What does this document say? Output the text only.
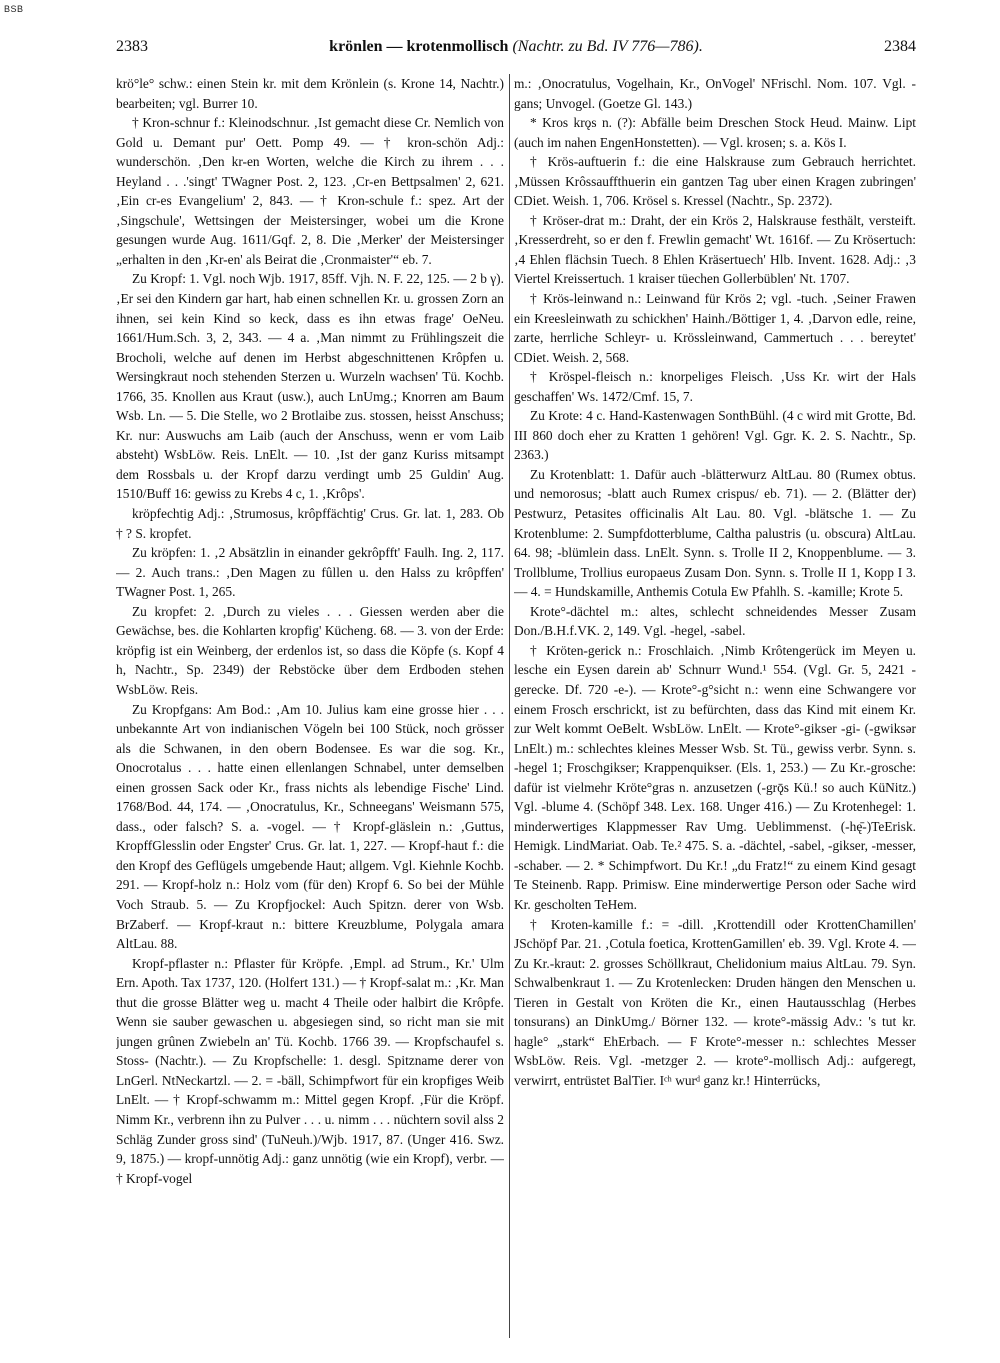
BSB
2383	krönlen — krotenmollisch (Nachtr. zu Bd. IV 776—786).	2384

krö°le° schw.: einen Stein kr. mit dem Krönlein (s. Krone 14, Nachtr.) bearbeiten; vgl. Burrer 10.

† Kron-schnur f.: Kleinodschnur. ‚Ist gemacht diese Cr. Nemlich von Gold u. Demant pur' Oett. Pomp 49. — † kron-schön Adj.: wunderschön. ‚Den kr-en Worten, welche die Kirch zu ihrem . . . Heyland . . .'singt' TWagner Post. 2, 123. ‚Cr-en Bettpsalmen' 2, 621. ‚Ein cr-es Evangelium' 2, 843. — † Kron-schule f.: spez. Art der ‚Singschule', Wettsingen der Meistersinger, wobei um die Krone gesungen wurde Aug. 1611/Gqf. 2, 8. Die ‚Merker' der Meistersinger „erhalten in den ‚Kr-en' als Beirat die ‚Cronmaister'“ eb. 7.

Zu Kropf: 1. Vgl. noch Wjb. 1917, 85ff. Vjh. N. F. 22, 125. — 2 b γ). ‚Er sei den Kindern gar hart, hab einen schnellen Kr. u. grossen Zorn an ihnen, sei kein Kind so keck, dass es ihn etwas frage' OeNeu. 1661/Hum.Sch. 3, 2, 343. — 4 a. ‚Man nimmt zu Frühlingszeit die Brocholi, welche auf denen im Herbst abgeschnittenen Krôpfen u. Wersingkraut noch stehenden Sterzen u. Wurzeln wachsen' Tü. Kochb. 1766, 35. Knollen aus Kraut (usw.), auch LnUmg.; Knorren am Baum Wsb. Ln. — 5. Die Stelle, wo 2 Brotlaibe zus. stossen, heisst Anschuss; Kr. nur: Auswuchs am Laib (auch der Anschuss, wenn er vom Laib absteht) WsbLöw. Reis. LnElt. — 10. ‚Ist der ganz Kuriss mitsampt dem Rossbals u. der Kropf darzu verdingt umb 25 Guldin' Aug. 1510/Buff 16: gewiss zu Krebs 4 c, 1. ‚Krôps'.

kröpfechtig Adj.: ‚Strumosus, krôpffächtig' Crus. Gr. lat. 1, 283. Ob † ? S. kropfet.

Zu kröpfen: 1. ‚2 Absätzlin in einander gekrôpfft' Faulh. Ing. 2, 117. — 2. Auch trans.: ‚Den Magen zu fûllen u. den Halss zu krôpffen' TWagner Post. 1, 265.

Zu kropfet: 2. ‚Durch zu vieles . . . Giessen werden aber die Gewächse, bes. die Kohlarten kropfig' Kücheng. 68. — 3. von der Erde: kröpfig ist ein Weinberg, der erdenlos ist, so dass die Köpfe (s. Kopf 4 h, Nachtr., Sp. 2349) der Rebstöcke über dem Erdboden stehen WsbLöw. Reis.

Zu Kropfgans: Am Bod.: ‚Am 10. Julius kam eine grosse hier . . . unbekannte Art von indianischen Vögeln bei 100 Stück, noch grösser als die Schwanen, in den obern Bodensee. Es war die sog. Kr., Onocrotalus . . . hatte einen ellenlangen Schnabel, unter demselben einen grossen Sack oder Kr., frass nichts als lebendige Fische' Lind. 1768/Bod. 44, 174. — ‚Onocratulus, Kr., Schneegans' Weismann 575, dass., oder falsch? S. a. -vogel. — † Kropf-gläslein n.: ‚Guttus, KropffGlesslin oder Engster' Crus. Gr. lat. 1, 227. — Kropf-haut f.: die den Kropf des Geflügels umgebende Haut; allgem. Vgl. Kiehnle Kochb. 291. — Kropf-holz n.: Holz vom (für den) Kropf 6. So bei der Mühle Voch Straub. 5. — Zu Kropfjockel: Auch Spitzn. derer von Wsb. BrZaberf. — Kropf-kraut n.: bittere Kreuzblume, Polygala amara AltLau. 88.

Kropf-pflaster n.: Pflaster für Kröpfe. ‚Empl. ad Strum., Kr.' Ulm Ern. Apoth. Tax 1737, 120. (Holfert 131.) — † Kropf-salat m.: ‚Kr. Man thut die grosse Blätter weg u. macht 4 Theile oder halbirt die Krôpfe. Wenn sie sauber gewaschen u. abgesiegen sind, so richt man sie mit jungen grûnen Zwiebeln an' Tü. Kochb. 1766 39. — Kropfschaufel s. Stoss- (Nachtr.). — Zu Kropfschelle: 1. desgl. Spitzname derer von LnGerl. NtNeckartzl. — 2. = -bäll, Schimpfwort für ein kropfiges Weib LnElt. — † Kropf-schwamm m.: Mittel gegen Kropf. ‚Für die Kröpf. Nimm Kr., verbrenn ihn zu Pulver . . . u. nimm . . . nüchtern sovil alss 2 Schläg Zunder gross sind' (TuNeuh.)/Wjb. 1917, 87. (Unger 416. Swz. 9, 1875.) — kropf-unnötig Adj.: ganz unnötig (wie ein Kropf), verbr. — † Kropf-vogel

m.: ‚Onocratulus, Vogelhain, Kr., OnVogel' NFrischl. Nom. 107. Vgl. -gans; Unvogel. (Goetze Gl. 143.)

* Kros krǫs n. (?): Abfälle beim Dreschen Stock Heud. Mainw. Lipt (auch im nahen EngenHonstetten). — Vgl. krosen; s. a. Kös I.

† Krös-auftuerin f.: die eine Halskrause zum Gebrauch herrichtet. ‚Müssen Krôssauffthuerin ein gantzen Tag uber einen Kragen zubringen' CDiet. Weish. 1, 706. Krösel s. Kressel (Nachtr., Sp. 2372).

† Kröser-drat m.: Draht, der ein Krös 2, Halskrause festhält, versteift. ‚Kresserdreht, so er den f. Frewlin gemacht' Wt. 1616f. — Zu Krösertuch: ‚4 Ehlen flächsin Tuech. 8 Ehlen Kräsertuech' Hlb. Invent. 1628. Adj.: ‚3 Viertel Kreissertuch. 1 kraiser tüechen Gollerbüblen' Nt. 1707.

† Krös-leinwand n.: Leinwand für Krös 2; vgl. -tuch. ‚Seiner Frawen ein Kreesleinwath zu schickhen' Hainh./Böttiger 1, 4. ‚Darvon edle, reine, zarte, herrliche Schleyr- u. Krössleinwand, Cammertuch . . . bereytet' CDiet. Weish. 2, 568.

† Kröspel-fleisch n.: knorpeliges Fleisch. ‚Uss Kr. wirt der Hals geschaffen' Ws. 1472/Cmf. 15, 7.

Zu Krote: 4 c. Hand-Kastenwagen SonthBühl. (4 c wird mit Grotte, Bd. III 860 doch eher zu Kratten 1 gehören! Vgl. Ggr. K. 2. S. Nachtr., Sp. 2363.)

Zu Krotenblatt: 1. Dafür auch -blätterwurz AltLau. 80 (Rumex obtus. und nemorosus; -blatt auch Rumex crispus/ eb. 71). — 2. (Blätter der) Pestwurz, Petasites officinalis Alt Lau. 80. Vgl. -blätsche 1. — Zu Krotenblume: 2. Sumpfdotterblume, Caltha palustris (u. obscura) AltLau. 64. 98; -blümlein dass. LnElt. Synn. s. Trolle II 2, Knoppenblume. — 3. Trollblume, Trollius europaeus Zusam Don. Synn. s. Trolle II 1, Kopp I 3. — 4. = Hundskamille, Anthemis Cotula Ew Pfahlh. S. -kamille; Krote 5.

Krote°-dächtel m.: altes, schlecht schneidendes Messer Zusam Don./B.H.f.VK. 2, 149. Vgl. -hegel, -sabel.

† Kröten-gerick n.: Froschlaich. ‚Nimb Krôtengerück im Meyen u. lesche ein Eysen darein ab' Schnurr Wund.¹ 554. (Vgl. Gr. 5, 2421 -gerecke. Df. 720 -e-). — Krote°-g°sicht n.: wenn eine Schwangere vor einem Frosch erschrickt, ist zu befürchten, dass das Kind mit einem Kr. zur Welt kommt OeBelt. WsbLöw. LnElt. — Krote°-gikser -gi- (-gwiksər LnElt.) m.: schlechtes kleines Messer Wsb. St. Tü., gewiss verbr. Synn. s. -hegel 1; Froschgikser; Krappenquikser. (Els. 1, 253.) — Zu Kr.-grosche: dafür ist vielmehr Kröte°gras n. anzusetzen (-grǭs Kü.! so auch KüNitz.) Vgl. -blume 4. (Schöpf 348. Lex. 168. Unger 416.) — Zu Krotenhegel: 1. minderwertiges Klappmesser Rav Umg. Ueblimmenst. (-hę̄-)TeErisk. Hemigk. LindMariat. Oab. Te.² 475. S. a. -dächtel, -sabel, -gikser, -messer, -schaber. — 2. * Schimpfwort. Du Kr.! „du Fratz!“ zu einem Kind gesagt Te Steinenb. Rapp. Primisw. Eine minderwertige Person oder Sache wird Kr. gescholten TeHem.

† Kroten-kamille f.: = -dill. ‚Krottendill oder KrottenChamillen' JSchöpf Par. 21. ‚Cotula foetica, KrottenGamillen' eb. 39. Vgl. Krote 4. — Zu Kr.-kraut: 2. grosses Schöllkraut, Chelidonium maius AltLau. 79. Syn. Schwalbenkraut 1. — Zu Krotenlecken: Druden hängen den Menschen u. Tieren in Gestalt von Kröten die Kr., einen Hautausschlag (Herbes tonsurans) an DinkUmg./ Börner 132. — krote°-mässig Adv.: 's tut kr. hagle° „stark“ EhErbach. — F Krote°-messer n.: schlechtes Messer WsbLöw. Reis. Vgl. -metzger 2. — krote°-mollisch Adj.: aufgeregt, verwirrt, entrüstet BalTier. Iᶜʰ wurᵈ ganz kr.! Hinterrücks,
